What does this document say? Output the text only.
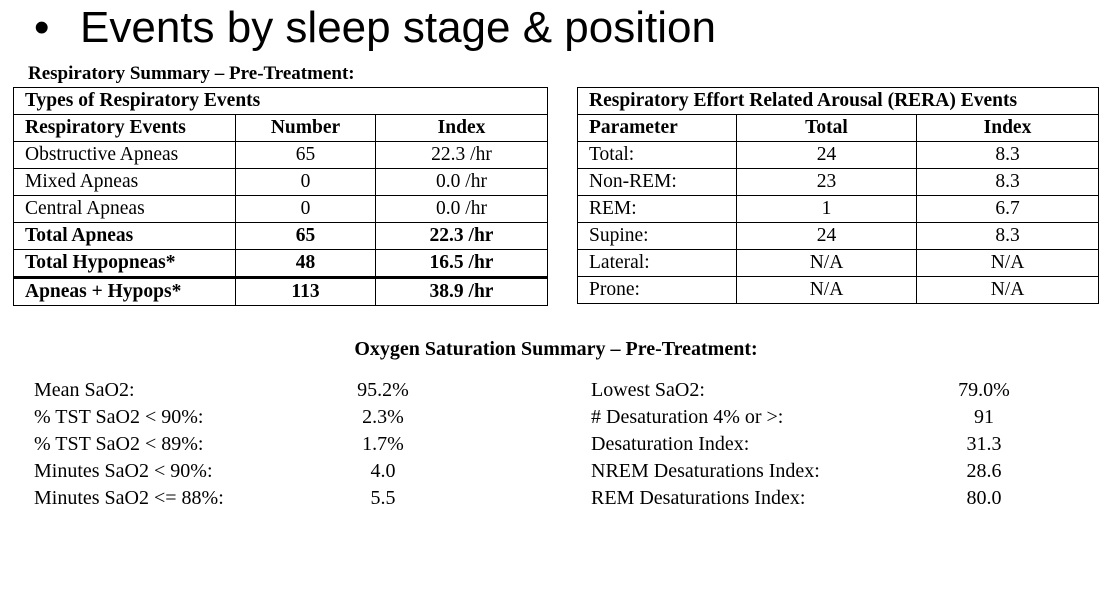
• Events by sleep stage & position
Respiratory Summary – Pre-Treatment:
Types of Respiratory Events		
Respiratory Events	Number	Index
Obstructive Apneas	65	22.3 /hr
Mixed Apneas	0	0.0 /hr
Central Apneas	0	0.0 /hr
Total Apneas	65	22.3 /hr
Total Hypopneas*	48	16.5 /hr
Apneas + Hypops*	113	38.9 /hr
Respiratory Effort Related Arousal (RERA) Events		
Parameter	Total	Index
Total:	24	8.3
Non-REM:	23	8.3
REM:	1	6.7
Supine:	24	8.3
Lateral:	N/A	N/A
Prone:	N/A	N/A
Oxygen Saturation Summary – Pre-Treatment:
Mean SaO2:	95.2%
% TST SaO2 < 90%:	2.3%
% TST SaO2 < 89%:	1.7%
Minutes SaO2 < 90%:	4.0
Minutes SaO2 <= 88%:	5.5
Lowest SaO2:	79.0%
# Desaturation 4% or >:	91
Desaturation Index:	31.3
NREM Desaturations Index:	28.6
REM Desaturations Index:	80.0
